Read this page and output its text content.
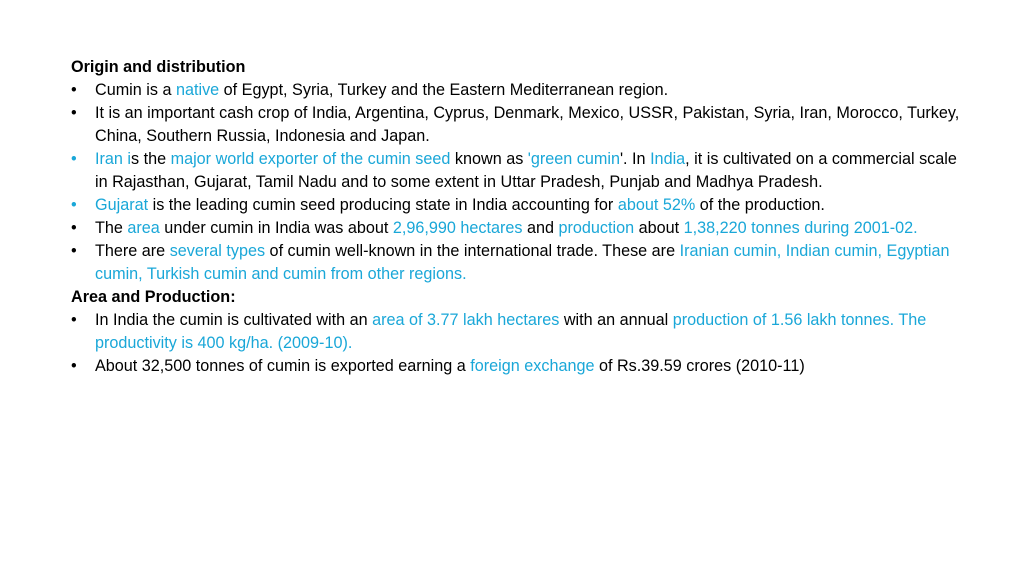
Origin and distribution

• Cumin is a native of Egypt, Syria, Turkey and the Eastern Mediterranean region.
• It is an important cash crop of India, Argentina, Cyprus, Denmark, Mexico, USSR, Pakistan, Syria, Iran, Morocco, Turkey, China, Southern Russia, Indonesia and Japan.
• Iran is the major world exporter of the cumin seed known as 'green cumin'. In India, it is cultivated on a commercial scale in Rajasthan, Gujarat, Tamil Nadu and to some extent in Uttar Pradesh, Punjab and Madhya Pradesh.
• Gujarat is the leading cumin seed producing state in India accounting for about 52% of the production.
• The area under cumin in India was about 2,96,990 hectares and production about 1,38,220 tonnes during 2001-02.
• There are several types of cumin well-known in the international trade. These are Iranian cumin, Indian cumin, Egyptian cumin, Turkish cumin and cumin from other regions.

Area and Production:

• In India the cumin is cultivated with an area of 3.77 lakh hectares with an annual production of 1.56 lakh tonnes. The productivity is 400 kg/ha. (2009-10).
• About 32,500 tonnes of cumin is exported earning a foreign exchange of Rs.39.59 crores (2010-11)
